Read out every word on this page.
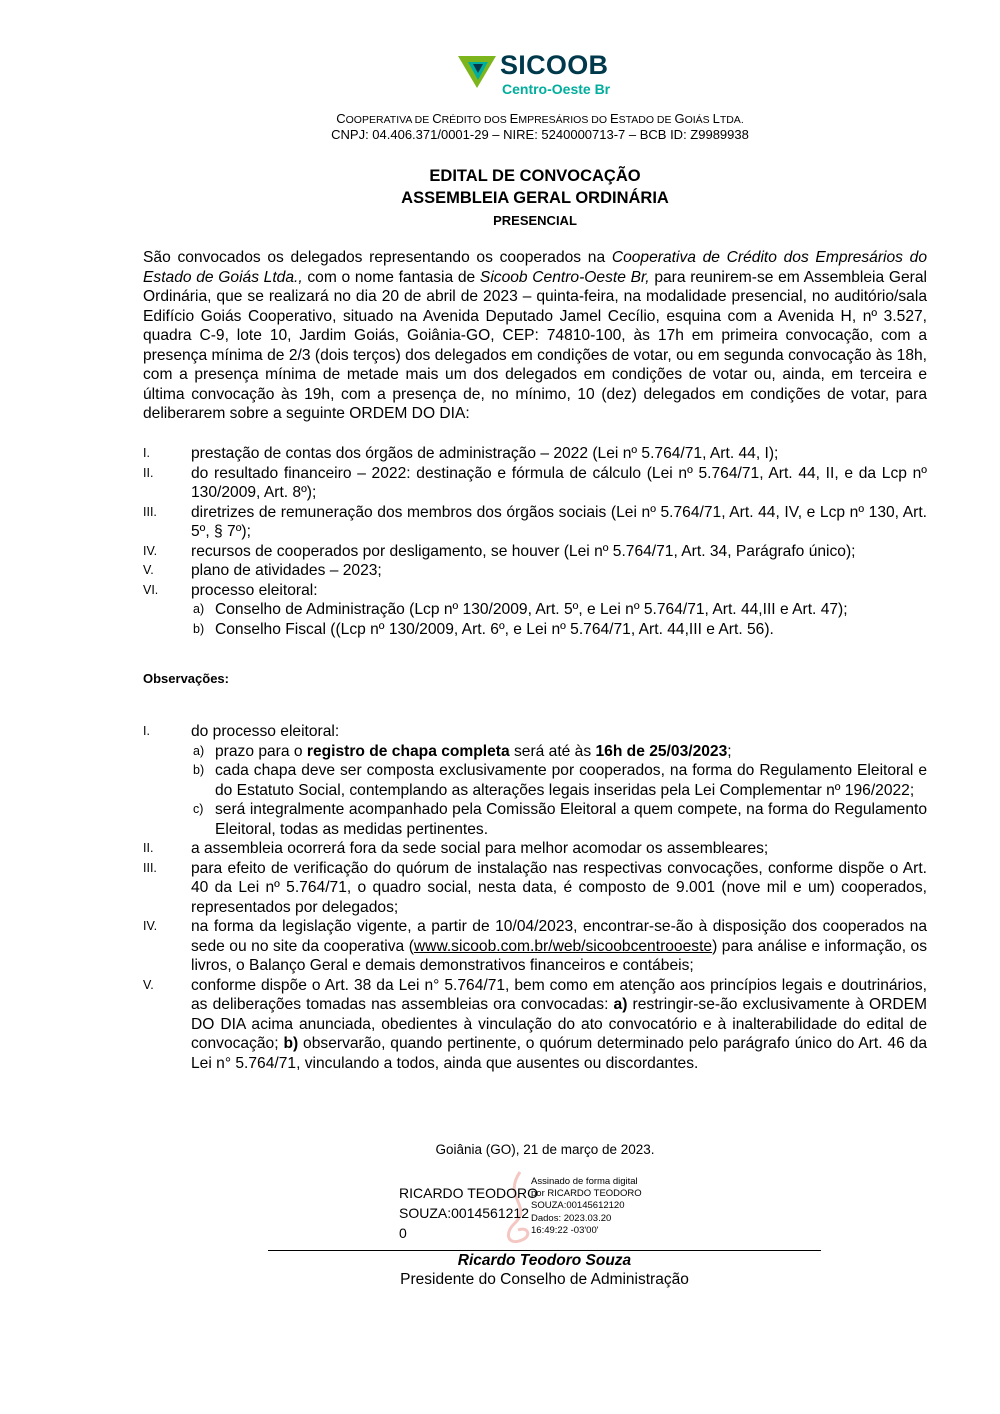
SICOOB
Centro-Oeste Br
COOPERATIVA DE CRÉDITO DOS EMPRESÁRIOS DO ESTADO DE GOIÁS LTDA.
CNPJ: 04.406.371/0001-29 – NIRE: 5240000713-7 – BCB ID: Z9989938
EDITAL DE CONVOCAÇÃO
ASSEMBLEIA GERAL ORDINÁRIA
PRESENCIAL
São convocados os delegados representando os cooperados na Cooperativa de Crédito dos Empresários do Estado de Goiás Ltda., com o nome fantasia de Sicoob Centro-Oeste Br, para reunirem-se em Assembleia Geral Ordinária, que se realizará no dia 20 de abril de 2023 – quinta-feira, na modalidade presencial, no auditório/sala Edifício Goiás Cooperativo, situado na Avenida Deputado Jamel Cecílio, esquina com a Avenida H, nº 3.527, quadra C-9, lote 10, Jardim Goiás, Goiânia-GO, CEP: 74810-100, às 17h em primeira convocação, com a presença mínima de 2/3 (dois terços) dos delegados em condições de votar, ou em segunda convocação às 18h, com a presença mínima de metade mais um dos delegados em condições de votar ou, ainda, em terceira e última convocação às 19h, com a presença de, no mínimo, 10 (dez) delegados em condições de votar, para deliberarem sobre a seguinte ORDEM DO DIA:
I.	prestação de contas dos órgãos de administração – 2022 (Lei nº 5.764/71, Art. 44, I);
II.	do resultado financeiro – 2022: destinação e fórmula de cálculo (Lei nº 5.764/71, Art. 44, II, e da Lcp nº 130/2009, Art. 8º);
III.	diretrizes de remuneração dos membros dos órgãos sociais (Lei nº 5.764/71, Art. 44, IV, e Lcp nº 130, Art. 5º, § 7º);
IV.	recursos de cooperados por desligamento, se houver (Lei nº 5.764/71, Art. 34, Parágrafo único);
V.	plano de atividades – 2023;
VI.	processo eleitoral:
a) Conselho de Administração (Lcp nº 130/2009, Art. 5º, e Lei nº 5.764/71, Art. 44,III e Art. 47);
b) Conselho Fiscal ((Lcp nº 130/2009, Art. 6º, e Lei nº 5.764/71, Art. 44,III e Art. 56).
Observações:
I.	do processo eleitoral:
a) prazo para o registro de chapa completa será até às 16h de 25/03/2023;
b) cada chapa deve ser composta exclusivamente por cooperados, na forma do Regulamento Eleitoral e do Estatuto Social, contemplando as alterações legais inseridas pela Lei Complementar nº 196/2022;
c) será integralmente acompanhado pela Comissão Eleitoral a quem compete, na forma do Regulamento Eleitoral, todas as medidas pertinentes.
II.	a assembleia ocorrerá fora da sede social para melhor acomodar os assembleares;
III.	para efeito de verificação do quórum de instalação nas respectivas convocações, conforme dispõe o Art. 40 da Lei nº 5.764/71, o quadro social, nesta data, é composto de 9.001 (nove mil e um) cooperados, representados por delegados;
IV.	na forma da legislação vigente, a partir de 10/04/2023, encontrar-se-ão à disposição dos cooperados na sede ou no site da cooperativa (www.sicoob.com.br/web/sicoobcentrooeste) para análise e informação, os livros, o Balanço Geral e demais demonstrativos financeiros e contábeis;
V.	conforme dispõe o Art. 38 da Lei n° 5.764/71, bem como em atenção aos princípios legais e doutrinários, as deliberações tomadas nas assembleias ora convocadas: a) restringir-se-ão exclusivamente à ORDEM DO DIA acima anunciada, obedientes à vinculação do ato convocatório e à inalterabilidade do edital de convocação; b) observarão, quando pertinente, o quórum determinado pelo parágrafo único do Art. 46 da Lei n° 5.764/71, vinculando a todos, ainda que ausentes ou discordantes.
Goiânia (GO), 21 de março de 2023.
RICARDO TEODORO
SOUZA:0014561212
0
Assinado de forma digital
por RICARDO TEODORO
SOUZA:00145612120
Dados: 2023.03.20
16:49:22 -03'00'
Ricardo Teodoro Souza
Presidente do Conselho de Administração
